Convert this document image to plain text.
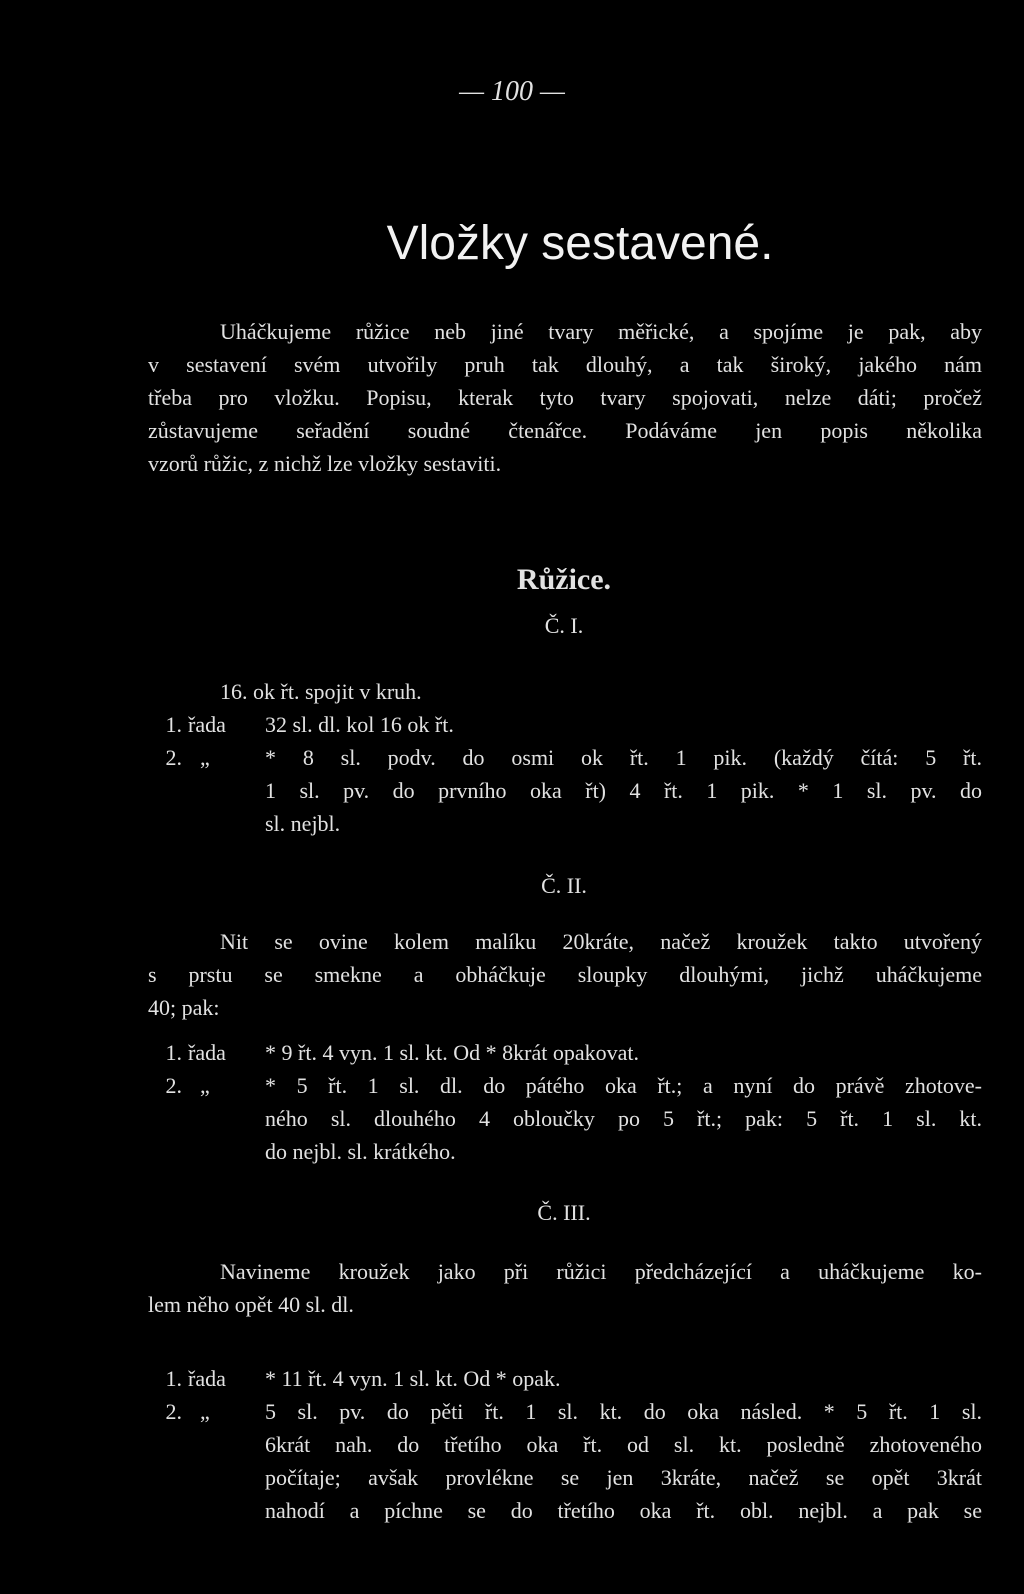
— 100 —
Vložky sestavené.
Uháčkujeme růžice neb jiné tvary měřické, a spojíme je pak, aby
v sestavení svém utvořily pruh tak dlouhý, a tak široký, jakého nám
třeba pro vložku. Popisu, kterak tyto tvary spojovati, nelze dáti; pročež
zůstavujeme seřadění soudné čtenářce. Podáváme jen popis několika
vzorů růžic, z nichž lze vložky sestaviti.
Růžice.
Č. I.
16. ok řt. spojit v kruh.
1. řada	32 sl. dl. kol 16 ok řt.
2. „	* 8 sl. podv. do osmi ok řt. 1 pik. (každý čítá: 5 řt.
1 sl. pv. do prvního oka řt) 4 řt. 1 pik. * 1 sl. pv. do
sl. nejbl.
Č. II.
Nit se ovine kolem malíku 20kráte, načež kroužek takto utvořený
s prstu se smekne a obháčkuje sloupky dlouhými, jichž uháčkujeme
40; pak:
1. řada	* 9 řt. 4 vyn. 1 sl. kt. Od * 8krát opakovat.
2. „	* 5 řt. 1 sl. dl. do pátého oka řt.; a nyní do právě zhotove-
ného sl. dlouhého 4 obloučky po 5 řt.; pak: 5 řt. 1 sl. kt.
do nejbl. sl. krátkého.
Č. III.
Navineme kroužek jako při růžici předcházející a uháčkujeme ko-
lem něho opět 40 sl. dl.
1. řada	* 11 řt. 4 vyn. 1 sl. kt. Od * opak.
2. „	5 sl. pv. do pěti řt. 1 sl. kt. do oka násled. * 5 řt. 1 sl.
6krát nah. do třetího oka řt. od sl. kt. posledně zhotoveného
počítaje; avšak provlékne se jen 3kráte, načež se opět 3krát
nahodí a píchne se do třetího oka řt. obl. nejbl. a pak se
